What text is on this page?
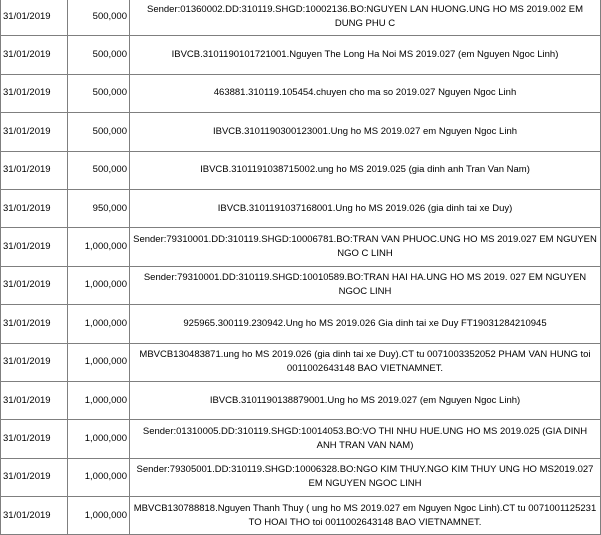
31/01/2019	500,000	Sender:01360002.DD:310119.SHGD:10002136.BO:NGUYEN LAN HUONG.UNG HO MS 2019.002 EM DUNG PHU C
31/01/2019	500,000	IBVCB.3101190101721001.Nguyen The Long Ha Noi MS 2019.027 (em Nguyen Ngoc Linh)
31/01/2019	500,000	463881.310119.105454.chuyen cho ma so 2019.027 Nguyen Ngoc Linh
31/01/2019	500,000	IBVCB.3101190300123001.Ung ho MS 2019.027 em Nguyen Ngoc Linh
31/01/2019	500,000	IBVCB.3101191038715002.ung ho MS 2019.025 (gia dinh anh Tran Van Nam)
31/01/2019	950,000	IBVCB.3101191037168001.Ung ho MS 2019.026 (gia dinh tai xe Duy)
31/01/2019	1,000,000	Sender:79310001.DD:310119.SHGD:10006781.BO:TRAN VAN PHUOC.UNG HO MS 2019.027 EM NGUYEN NGO C LINH
31/01/2019	1,000,000	Sender:79310001.DD:310119.SHGD:10010589.BO:TRAN HAI HA.UNG HO MS 2019. 027 EM NGUYEN NGOC LINH
31/01/2019	1,000,000	925965.300119.230942.Ung ho MS 2019.026 Gia dinh tai xe Duy FT19031284210945
31/01/2019	1,000,000	MBVCB130483871.ung ho MS 2019.026 (gia dinh tai xe Duy).CT tu 0071003352052 PHAM VAN HUNG toi 0011002643148 BAO VIETNAMNET.
31/01/2019	1,000,000	IBVCB.3101190138879001.Ung ho MS 2019.027 (em Nguyen Ngoc Linh)
31/01/2019	1,000,000	Sender:01310005.DD:310119.SHGD:10014053.BO:VO THI NHU HUE.UNG HO MS 2019.025 (GIA DINH ANH TRAN VAN NAM)
31/01/2019	1,000,000	Sender:79305001.DD:310119.SHGD:10006328.BO:NGO KIM THUY.NGO KIM THUY UNG HO MS2019.027 EM NGUYEN NGOC LINH
31/01/2019	1,000,000	MBVCB130788818.Nguyen Thanh Thuy ( ung ho MS 2019.027 em Nguyen Ngoc Linh).CT tu 0071001125231 TO HOAI THO toi 0011002643148 BAO VIETNAMNET.
